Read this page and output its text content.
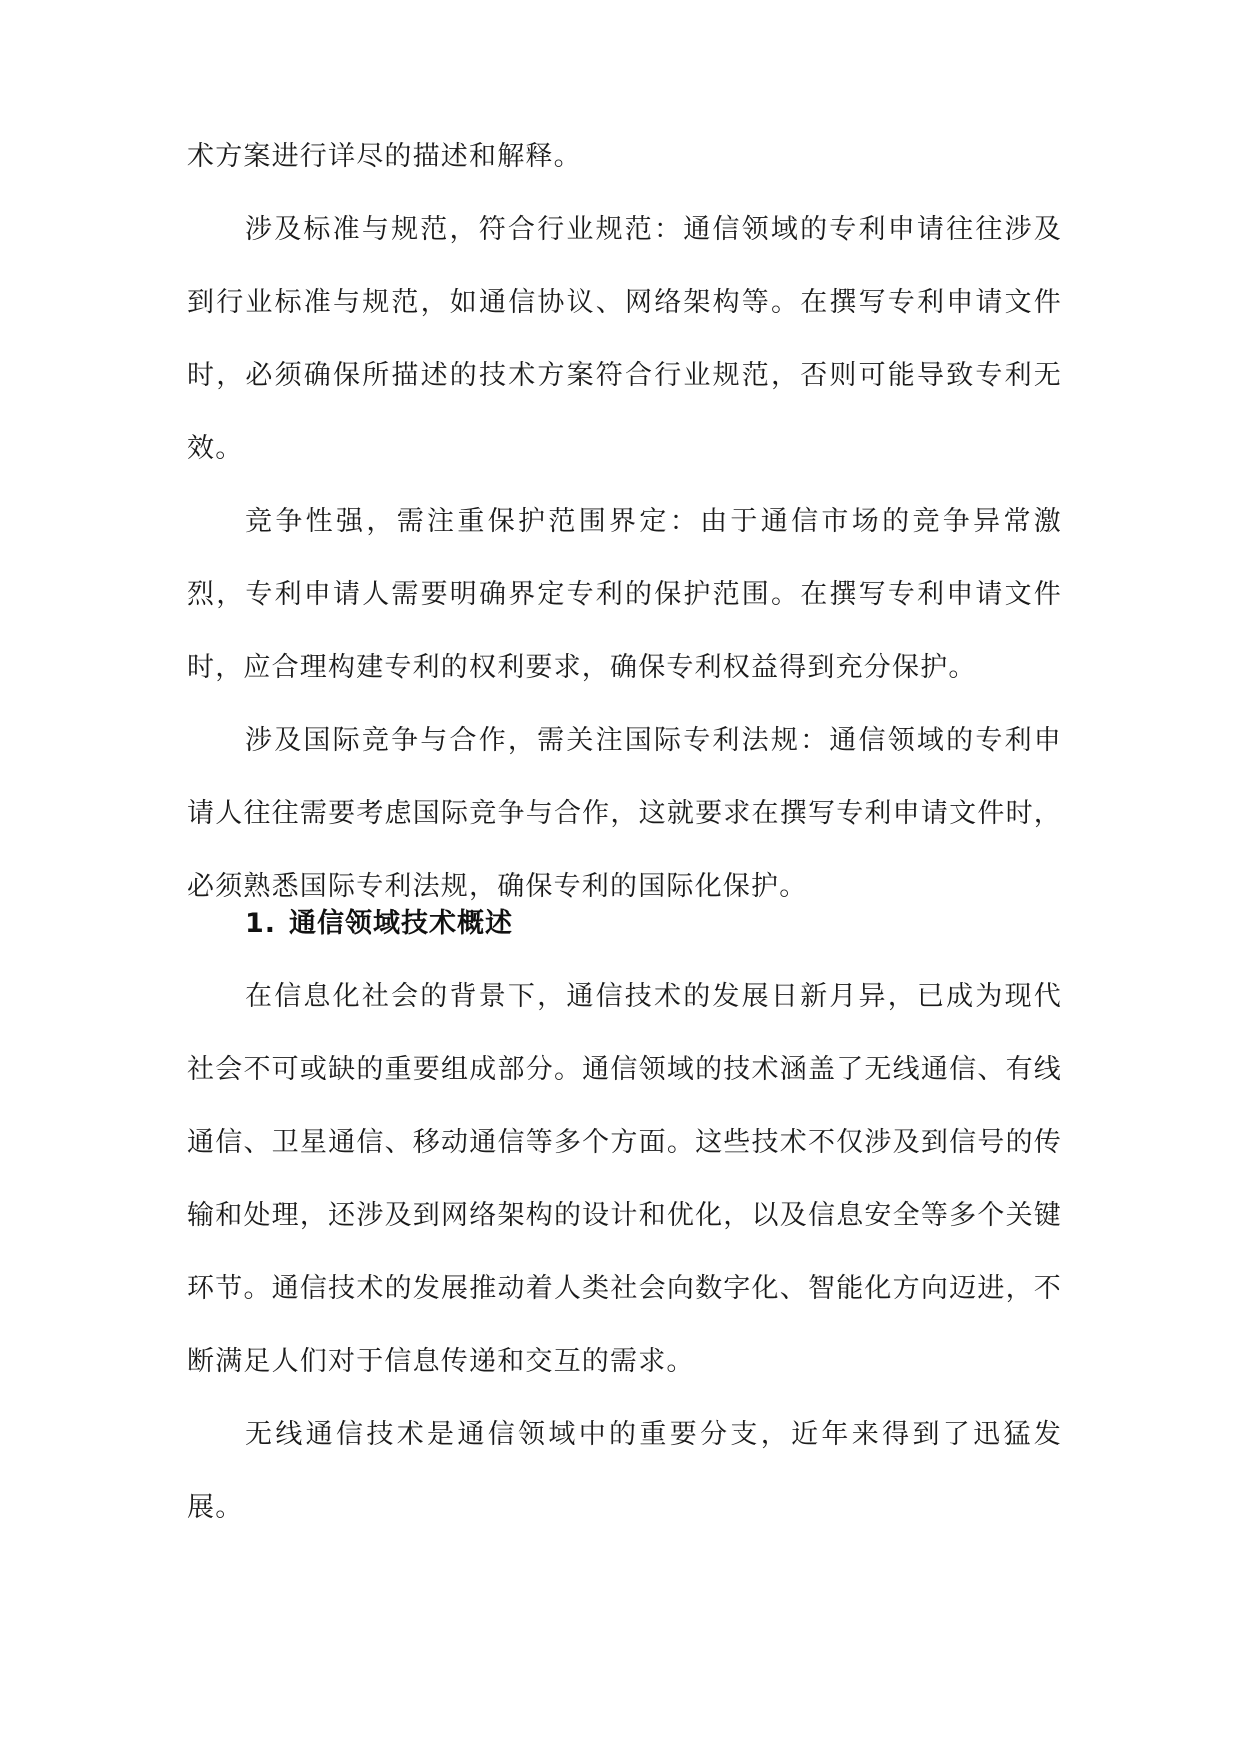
术方案进行详尽的描述和解释。

涉及标准与规范，符合行业规范：通信领域的专利申请往往涉及到行业标准与规范，如通信协议、网络架构等。在撰写专利申请文件时，必须确保所描述的技术方案符合行业规范，否则可能导致专利无效。

竞争性强，需注重保护范围界定：由于通信市场的竞争异常激烈，专利申请人需要明确界定专利的保护范围。在撰写专利申请文件时，应合理构建专利的权利要求，确保专利权益得到充分保护。

涉及国际竞争与合作，需关注国际专利法规：通信领域的专利申请人往往需要考虑国际竞争与合作，这就要求在撰写专利申请文件时，必须熟悉国际专利法规，确保专利的国际化保护。

1. 通信领域技术概述

在信息化社会的背景下，通信技术的发展日新月异，已成为现代社会不可或缺的重要组成部分。通信领域的技术涵盖了无线通信、有线通信、卫星通信、移动通信等多个方面。这些技术不仅涉及到信号的传输和处理，还涉及到网络架构的设计和优化，以及信息安全等多个关键环节。通信技术的发展推动着人类社会向数字化、智能化方向迈进，不断满足人们对于信息传递和交互的需求。

无线通信技术是通信领域中的重要分支，近年来得到了迅猛发展。
